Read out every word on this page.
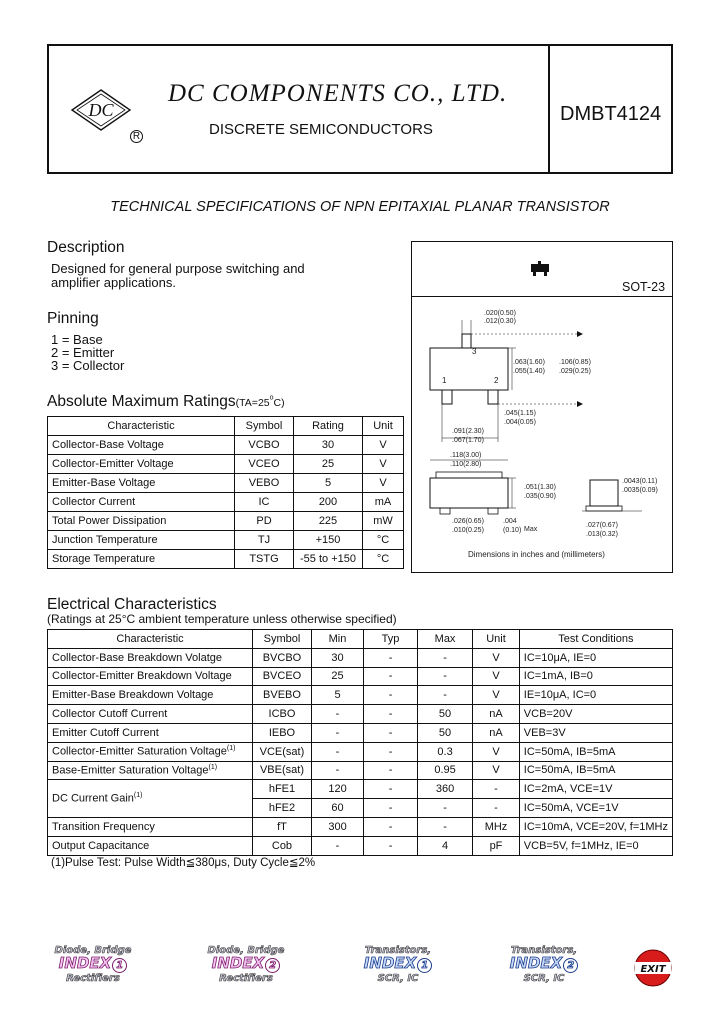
DC
R
DC COMPONENTS CO., LTD.
DISCRETE SEMICONDUCTORS
DMBT4124
TECHNICAL SPECIFICATIONS OF NPN EPITAXIAL PLANAR TRANSISTOR
Description
Designed for general purpose switching and
amplifier applications.
Pinning
1 = Base
2 = Emitter
3 = Collector
SOT-23
.020(0.50)
.012(0.30)
.063(1.60)
.055(1.40)
.106(0.85)
.029(0.25)
.045(1.15)
.004(0.05)
.091(2.30)
.067(1.70)
.118(3.00)
.110(2.80)
.051(1.30)
.035(0.90)
.0043(0.11)
.0035(0.09)
.026(0.65)
.010(0.25)
.004
(0.10) Max
.027(0.67)
.013(0.32)
1	2
3
Dimensions in inches and (millimeters)
Absolute Maximum $Ratings(TA=25^oC)$
Characteristic	Symbol	Rating	Unit
Collector-Base Voltage	VCBO	30	V
Collector-Emitter Voltage	VCEO	25	V
Emitter-Base Voltage	VEBO	5	V
Collector Current	IC	200	mA
Total Power Dissipation	PD	225	mW
Junction Temperature	TJ	+150	°C
Storage Temperature	TSTG	-55 to +150	°C
Electrical Characteristics
(Ratings at 25°C ambient temperature unless otherwise specified)
Characteristic	Symbol	Min	Typ	Max	Unit	Test Conditions
Collector-Base Breakdown Volatge	BVCBO	30	-	-	V	IC=10μA, IE=0
Collector-Emitter Breakdown Voltage	BVCEO	25	-	-	V	IC=1mA, IB=0
Emitter-Base Breakdown Voltage	BVEBO	5	-	-	V	IE=10μA, IC=0
Collector Cutoff Current	ICBO	-	-	50	nA	VCB=20V
Emitter Cutoff Current	IEBO	-	-	50	nA	VEB=3V
Collector-Emitter Saturation Voltage$^{(1)}$	VCE(sat)	-	-	0.3	V	IC=50mA, IB=5mA
Base-Emitter Saturation Voltage$^{(1)}$	VBE(sat)	-	-	0.95	V	IC=50mA, IB=5mA
DC Current Gain$^{(1)}$	hFE1	120	-	360	-	IC=2mA, VCE=1V
	hFE2	60	-	-	-	IC=50mA, VCE=1V
Transition Frequency	fT	300	-	-	MHz	IC=10mA, VCE=20V, f=1MHz
Output Capacitance	Cob	-	-	4	pF	VCB=5V, f=1MHz, IE=0
(1)Pulse Test: Pulse Width≦380μs, Duty Cycle≦2%
Diode, Bridge
INDEX 1
Rectifiers
Diode, Bridge
INDEX 2
Rectifiers
Transistors,
INDEX 1
SCR, IC
Transistors,
INDEX 2
SCR, IC
EXIT
